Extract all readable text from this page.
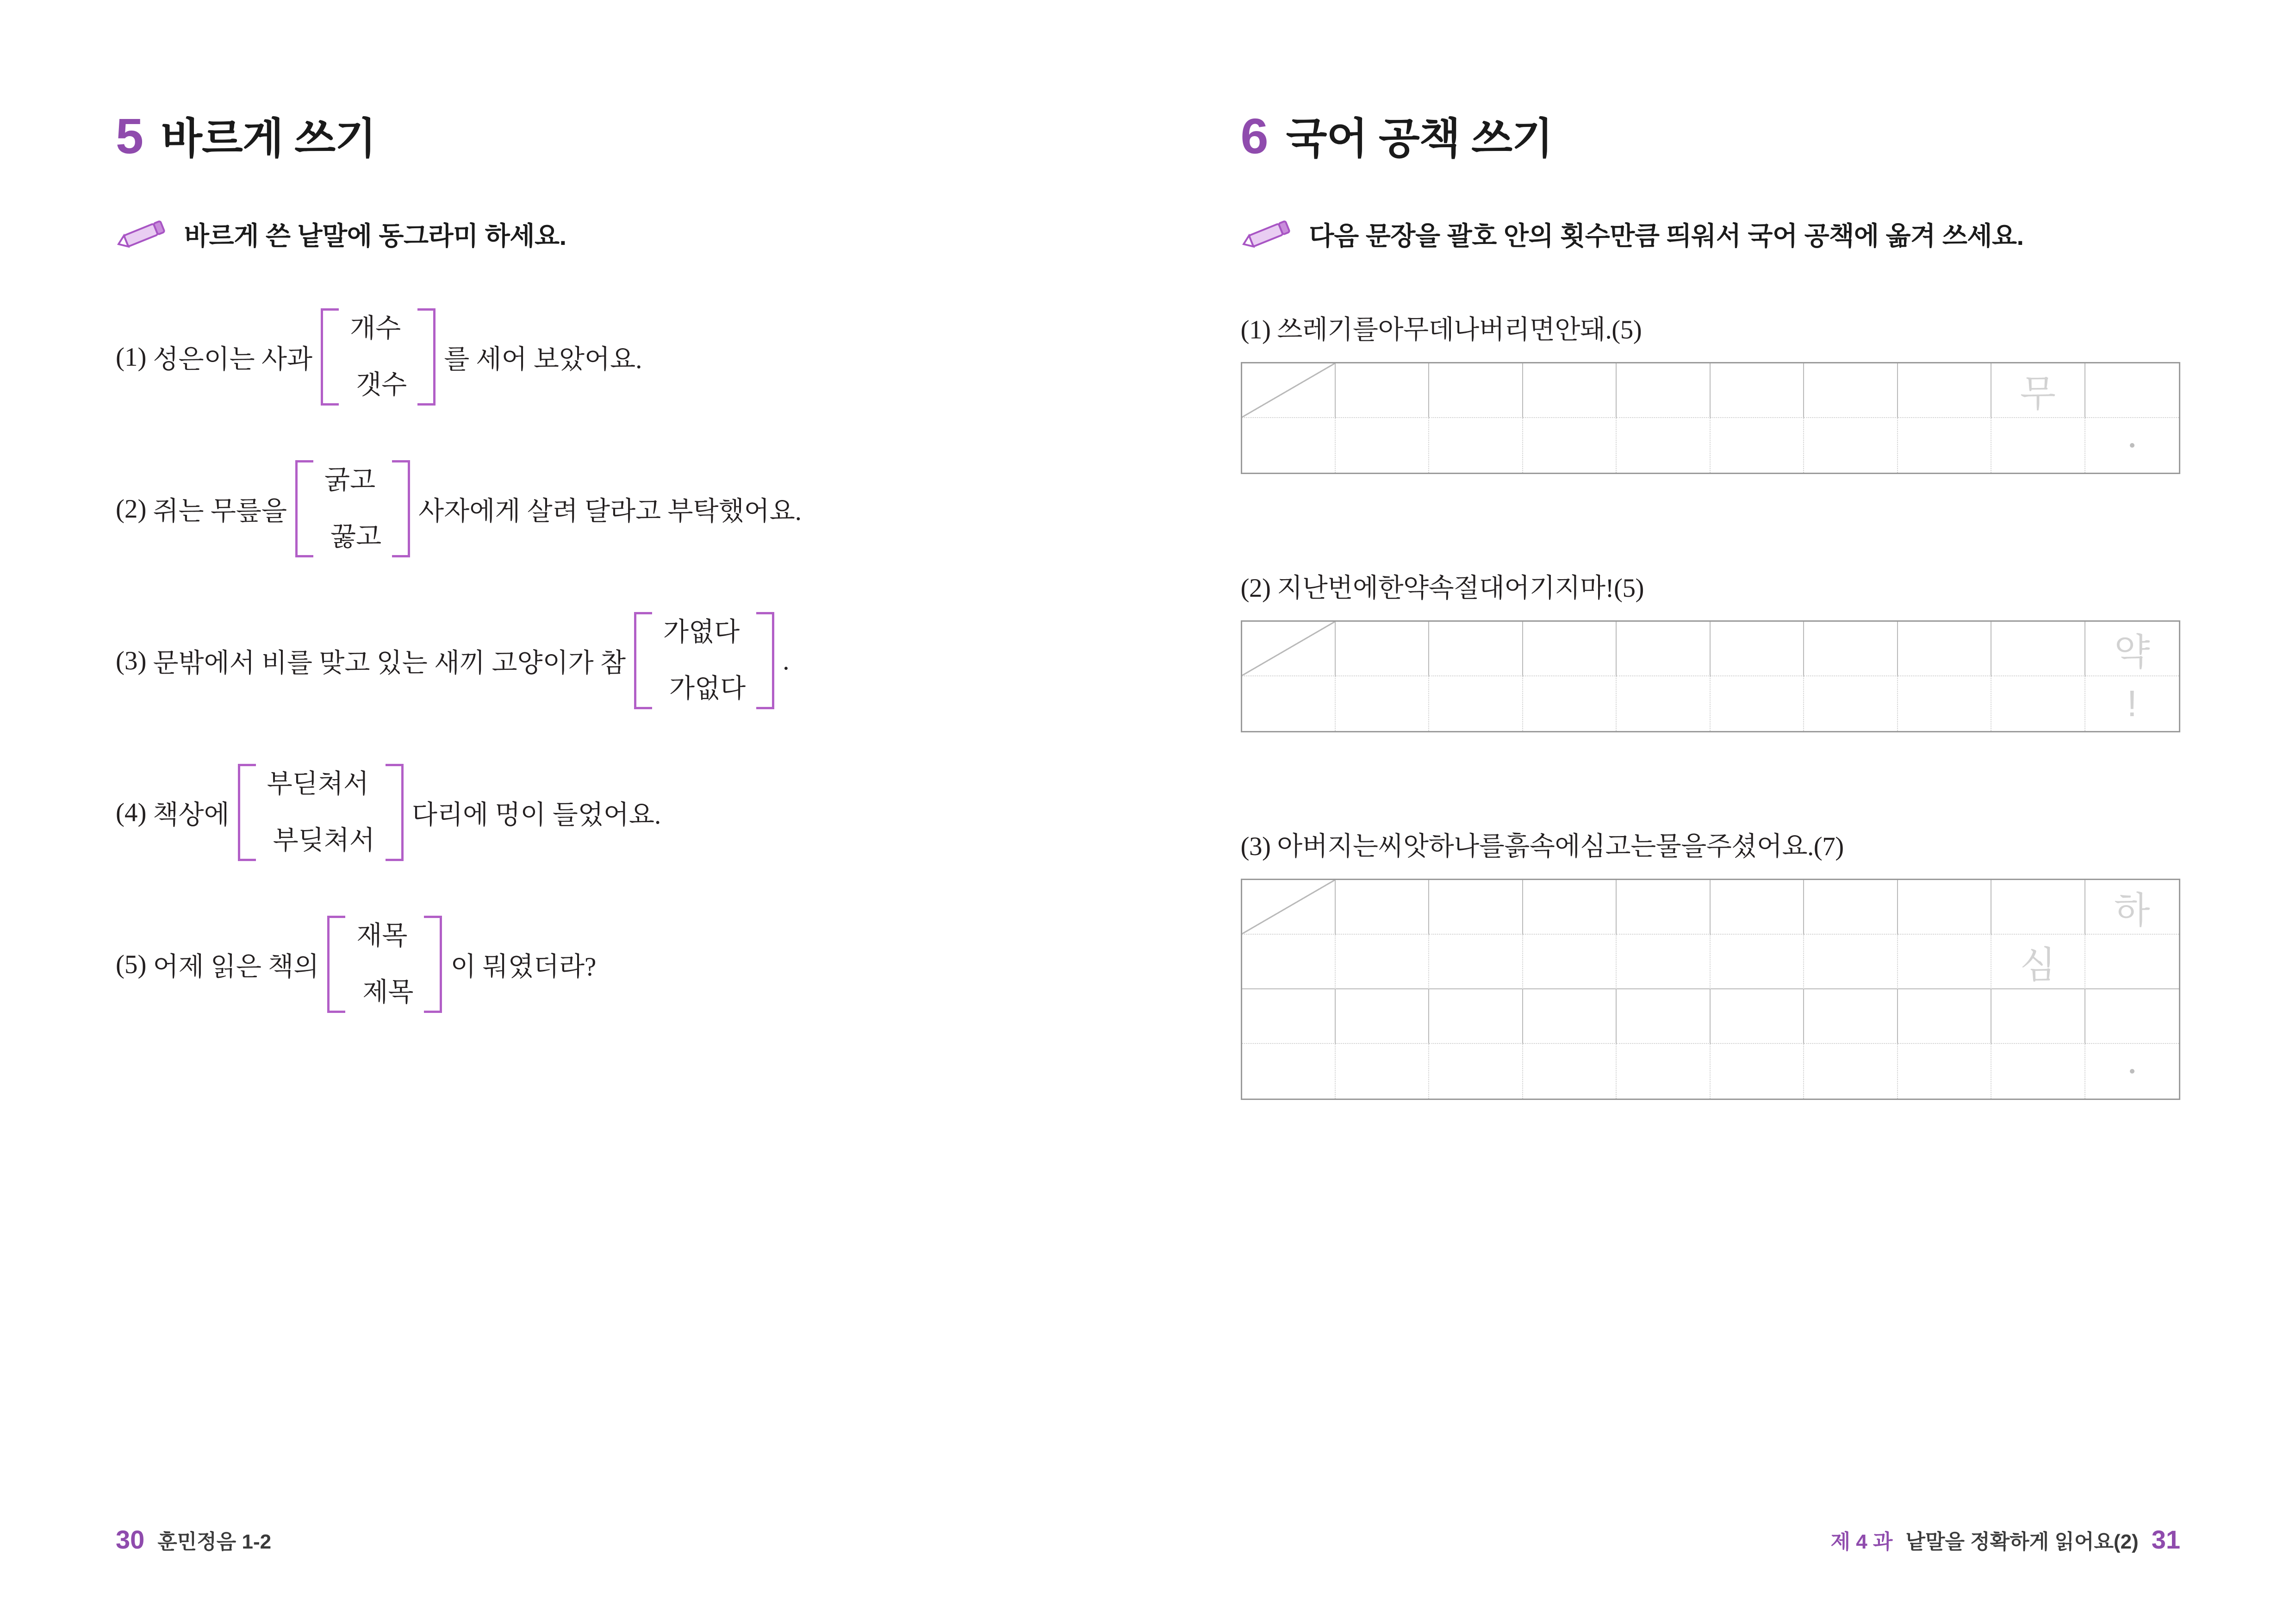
5 바르게 쓰기
바르게 쓴 낱말에 동그라미 하세요.
(1) 성은이는 사과
개수
갯수
를 세어 보았어요.
(2) 쥐는 무릎을
굵고
꿇고
사자에게 살려 달라고 부탁했어요.
(3) 문밖에서 비를 맞고 있는 새끼 고양이가 참
가엾다
가없다
.
(4) 책상에
부딛쳐서
부딪쳐서
다리에 멍이 들었어요.
(5) 어제 읽은 책의
재목
제목
이 뭐였더라?
30 훈민정음 1-2
6 국어 공책 쓰기
다음 문장을 괄호 안의 횟수만큼 띄워서 국어 공책에 옮겨 쓰세요.
(1) 쓰레기를아무데나버리면안돼.(5)
무
(2) 지난번에한약속절대어기지마!(5)
약
!
(3) 아버지는씨앗하나를흙속에심고는물을주셨어요.(7)
하
심
제 4 과 낱말을 정확하게 읽어요(2) 31
